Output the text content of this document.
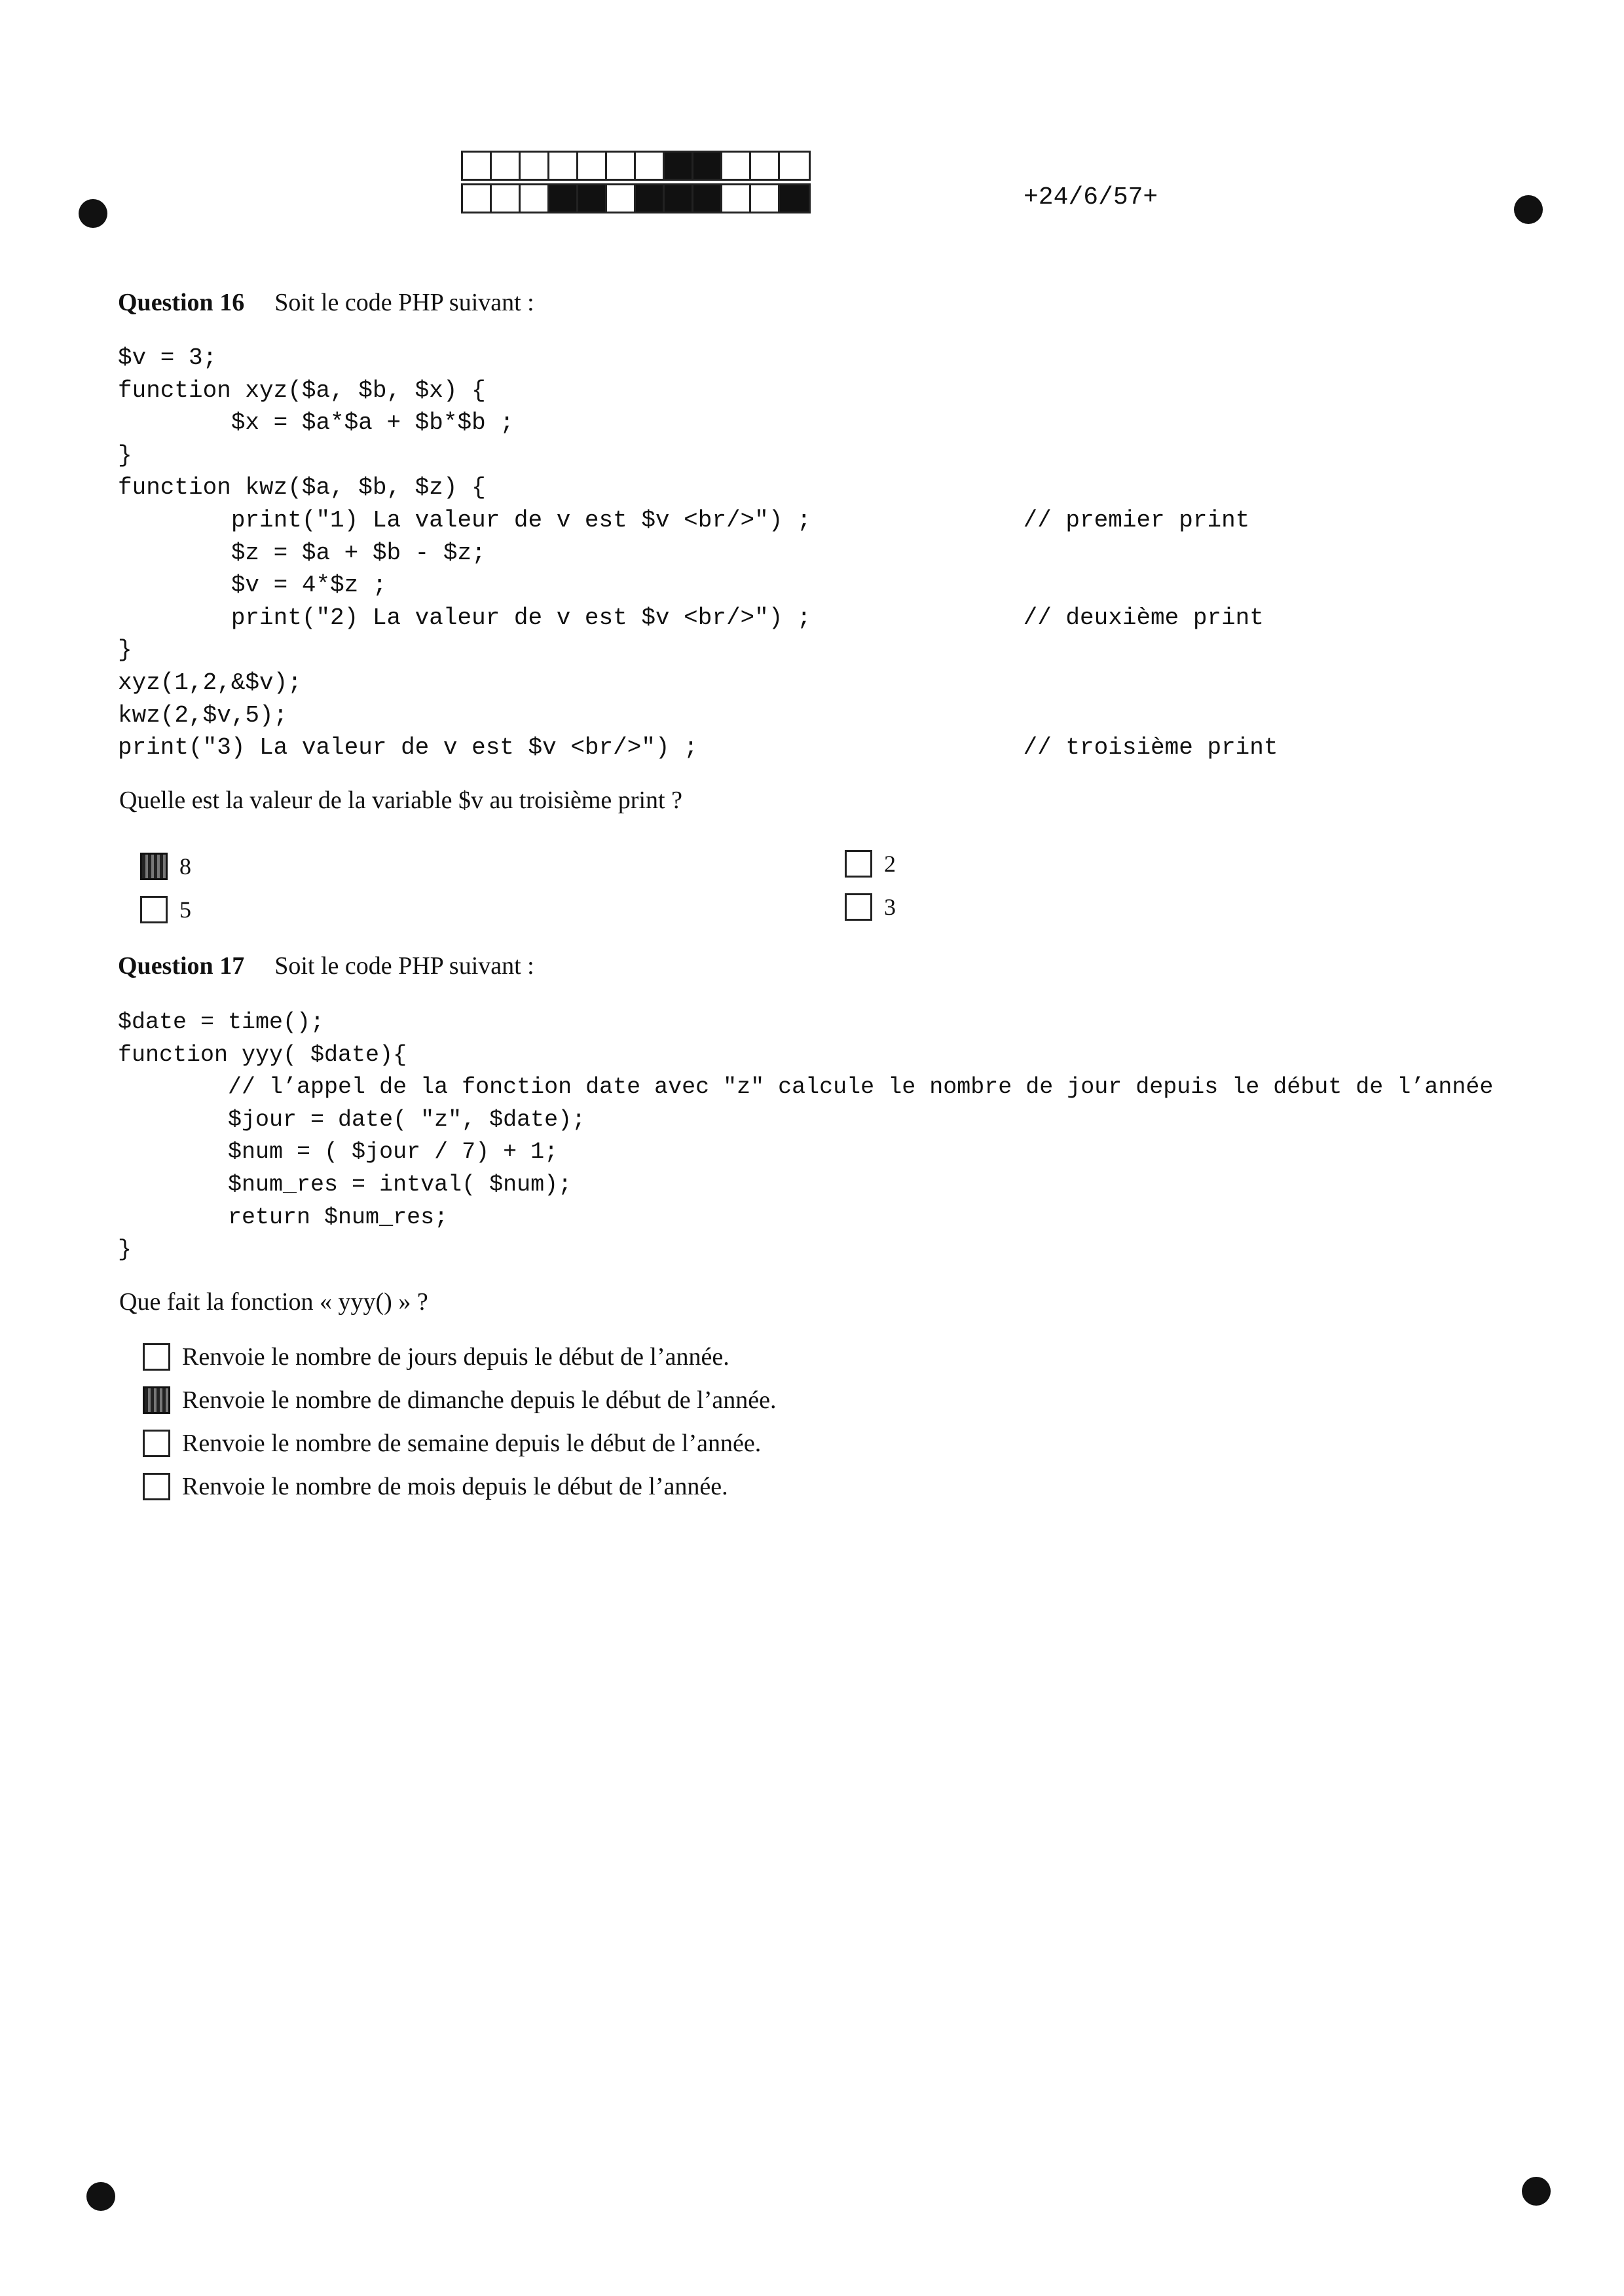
+24/6/57+
Question 16 Soit le code PHP suivant :
$v = 3;
function xyz($a, $b, $x) {
$x = $a*$a + $b*$b ;
}
function kwz($a, $b, $z) {
print("1) La valeur de v est $v <br/>") ;               // premier print
$z = $a + $b - $z;
$v = 4*$z ;
print("2) La valeur de v est $v <br/>") ;               // deuxième print
}
xyz(1,2,&$v);
kwz(2,$v,5);
print("3) La valeur de v est $v <br/>") ;                       // troisième print
Quelle est la valeur de la variable $v au troisième print ?
8
5
2
3
Question 17 Soit le code PHP suivant :
$date = time();
function yyy( $date){
// l’appel de la fonction date avec "z" calcule le nombre de jour depuis le début de l’année
$jour = date( "z", $date);
$num = ( $jour / 7) + 1;
$num_res = intval( $num);
return $num_res;
}
Que fait la fonction « yyy() » ?
Renvoie le nombre de jours depuis le début de l’année.
Renvoie le nombre de dimanche depuis le début de l’année.
Renvoie le nombre de semaine depuis le début de l’année.
Renvoie le nombre de mois depuis le début de l’année.
